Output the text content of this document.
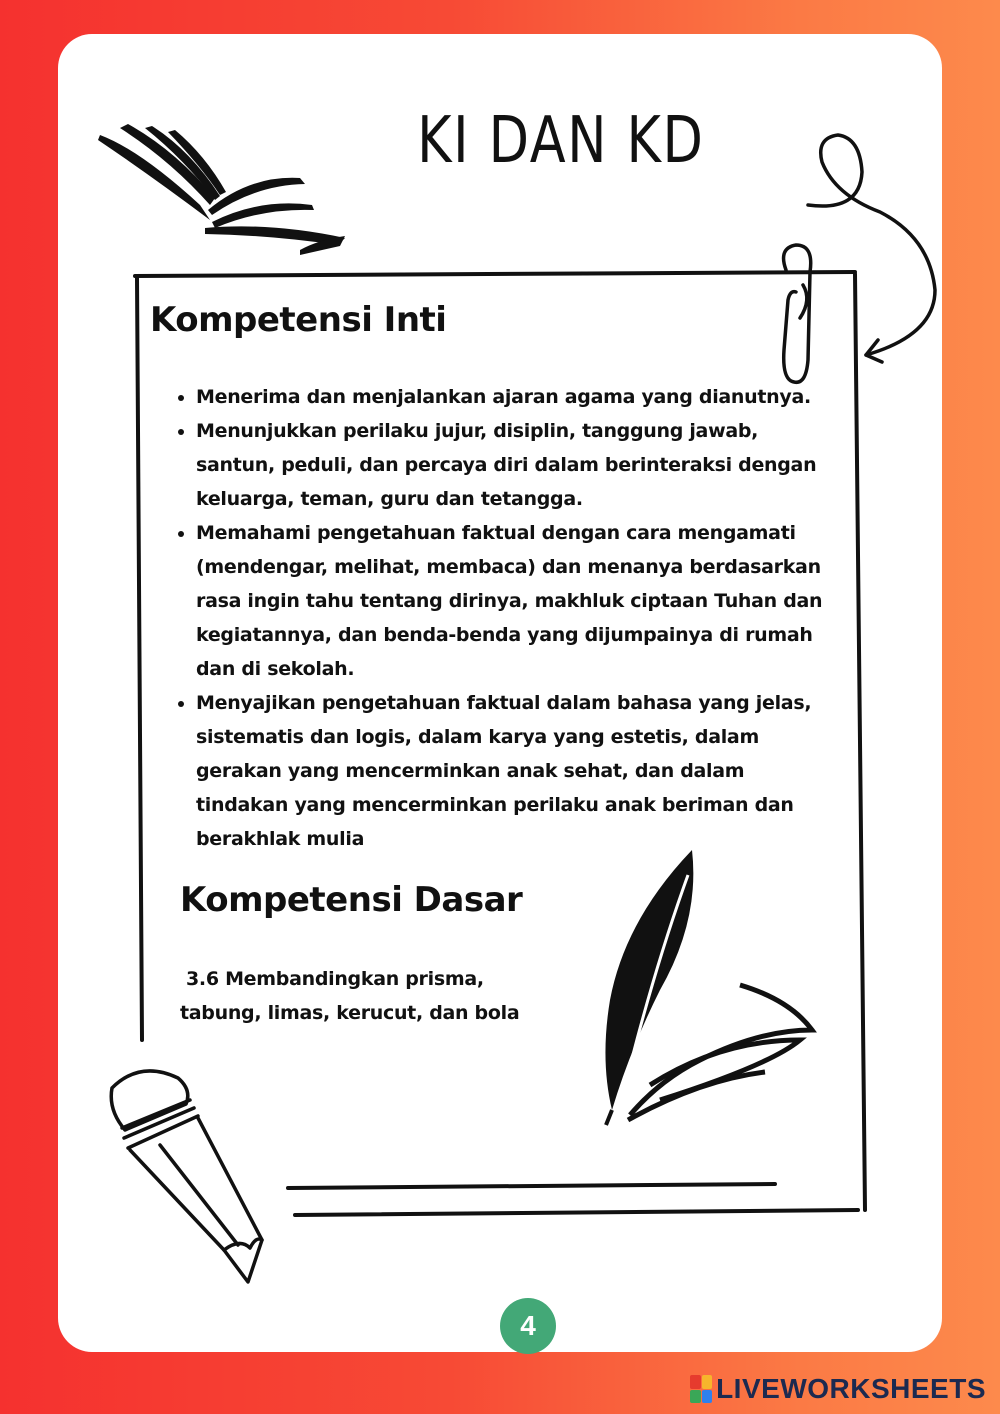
KI DAN KD
Kompetensi Inti
• Menerima dan menjalankan ajaran agama yang dianutnya.
• Menunjukkan perilaku jujur, disiplin, tanggung jawab, santun, peduli, dan percaya diri dalam berinteraksi dengan keluarga, teman, guru dan tetangga.
• Memahami pengetahuan faktual dengan cara mengamati (mendengar, melihat, membaca) dan menanya berdasarkan rasa ingin tahu tentang dirinya, makhluk ciptaan Tuhan dan kegiatannya, dan benda-benda yang dijumpainya di rumah dan di sekolah.
• Menyajikan pengetahuan faktual dalam bahasa yang jelas, sistematis dan logis, dalam karya yang estetis, dalam gerakan yang mencerminkan anak sehat, dan dalam tindakan yang mencerminkan perilaku anak beriman dan berakhlak mulia
Kompetensi Dasar
3.6 Membandingkan prisma, tabung, limas, kerucut, dan bola
4
LIVEWORKSHEETS
